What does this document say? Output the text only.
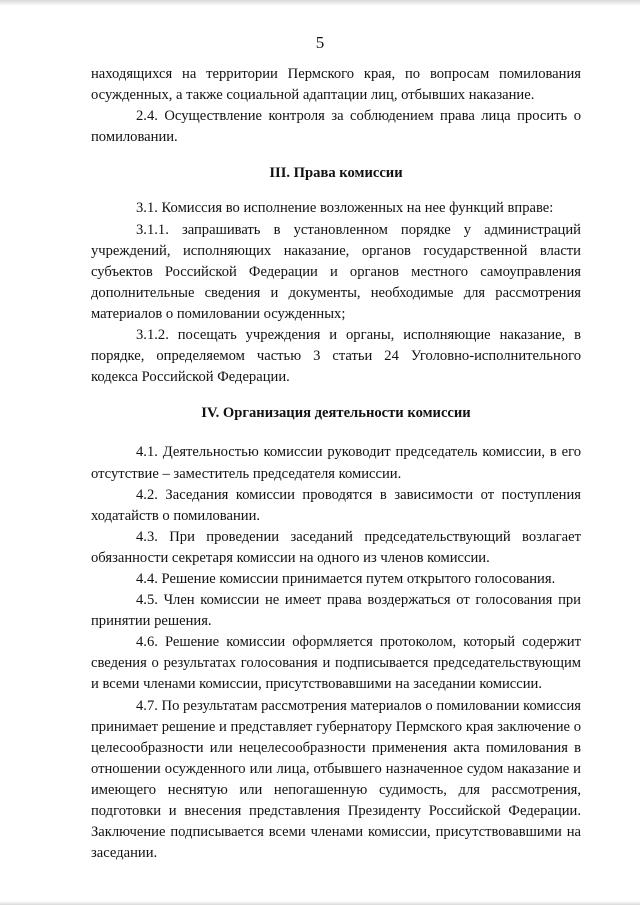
5

находящихся на территории Пермского края, по вопросам помилования

осужденных, а также социальной адаптации лиц, отбывших наказание.

2.4. Осуществление контроля за соблюдением права лица просить о помиловании.

III. Права комиссии

3.1. Комиссия во исполнение возложенных на нее функций вправе:

3.1.1. запрашивать в установленном порядке у администраций учреждений, исполняющих наказание, органов государственной власти субъектов Российской Федерации и органов местного самоуправления дополнительные сведения и документы, необходимые для рассмотрения материалов о помиловании осужденных;

3.1.2. посещать учреждения и органы, исполняющие наказание, в порядке, определяемом частью 3 статьи 24 Уголовно-исполнительного кодекса Российской Федерации.

IV. Организация деятельности комиссии

4.1. Деятельностью комиссии руководит председатель комиссии, в его отсутствие – заместитель председателя комиссии.

4.2. Заседания комиссии проводятся в зависимости от поступления ходатайств о помиловании.

4.3. При проведении заседаний председательствующий возлагает обязанности секретаря комиссии на одного из членов комиссии.

4.4. Решение комиссии принимается путем открытого голосования.

4.5. Член комиссии не имеет права воздержаться от голосования при принятии решения.

4.6. Решение комиссии оформляется протоколом, который содержит сведения о результатах голосования и подписывается председательствующим и всеми членами комиссии, присутствовавшими на заседании комиссии.

4.7. По результатам рассмотрения материалов о помиловании комиссия принимает решение и представляет губернатору Пермского края заключение о целесообразности или нецелесообразности применения акта помилования в отношении осужденного или лица, отбывшего назначенное судом наказание и имеющего неснятую или непогашенную судимость, для рассмотрения, подготовки и внесения представления Президенту Российской Федерации. Заключение подписывается всеми членами комиссии, присутствовавшими на заседании.
